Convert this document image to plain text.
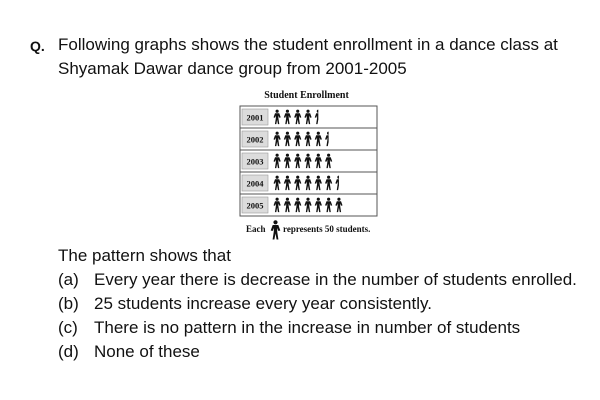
Q. Following graphs shows the student enrollment in a dance class at Shyamak Dawar dance group from 2001-2005
Student Enrollment
2001
2002
2003
2004
2005
Each represents 50 students.
The pattern shows that
(a) Every year there is decrease in the number of students enrolled.
(b) 25 students increase every year consistently.
(c) There is no pattern in the increase in number of students
(d) None of these
